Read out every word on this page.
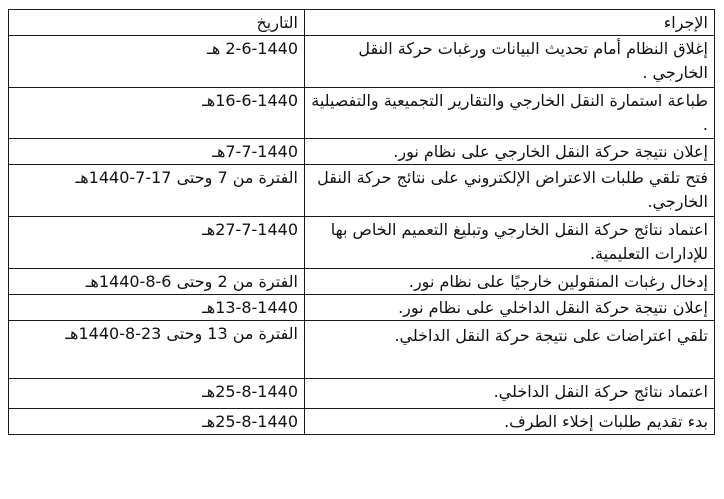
الإجراء	التاريخ

إغلاق النظام أمام تحديث البيانات ورغبات حركة النقل الخارجي .	2-6-1440 هـ

طباعة استمارة النقل الخارجي والتقارير التجميعية والتفصيلية .	16-6-1440هـ

إعلان نتيجة حركة النقل الخارجي على نظام نور.	7-7-1440هـ

فتح تلقي طلبات الاعتراض الإلكتروني على نتائج حركة النقل الخارجي.	الفترة من 7 وحتى 17-7-1440هـ

اعتماد نتائج حركة النقل الخارجي وتبليغ التعميم الخاص بها للإدارات التعليمية.	27-7-1440هـ

إدخال رغبات المنقولين خارجيًا على نظام نور.	الفترة من 2 وحتى 6-8-1440هـ

إعلان نتيجة حركة النقل الداخلي على نظام نور.	13-8-1440هـ

تلقي اعتراضات على نتيجة حركة النقل الداخلي.	الفترة من 13 وحتى 23-8-1440هـ

اعتماد نتائج حركة النقل الداخلي.	25-8-1440هـ

بدء تقديم طلبات إخلاء الطرف.	25-8-1440هـ
